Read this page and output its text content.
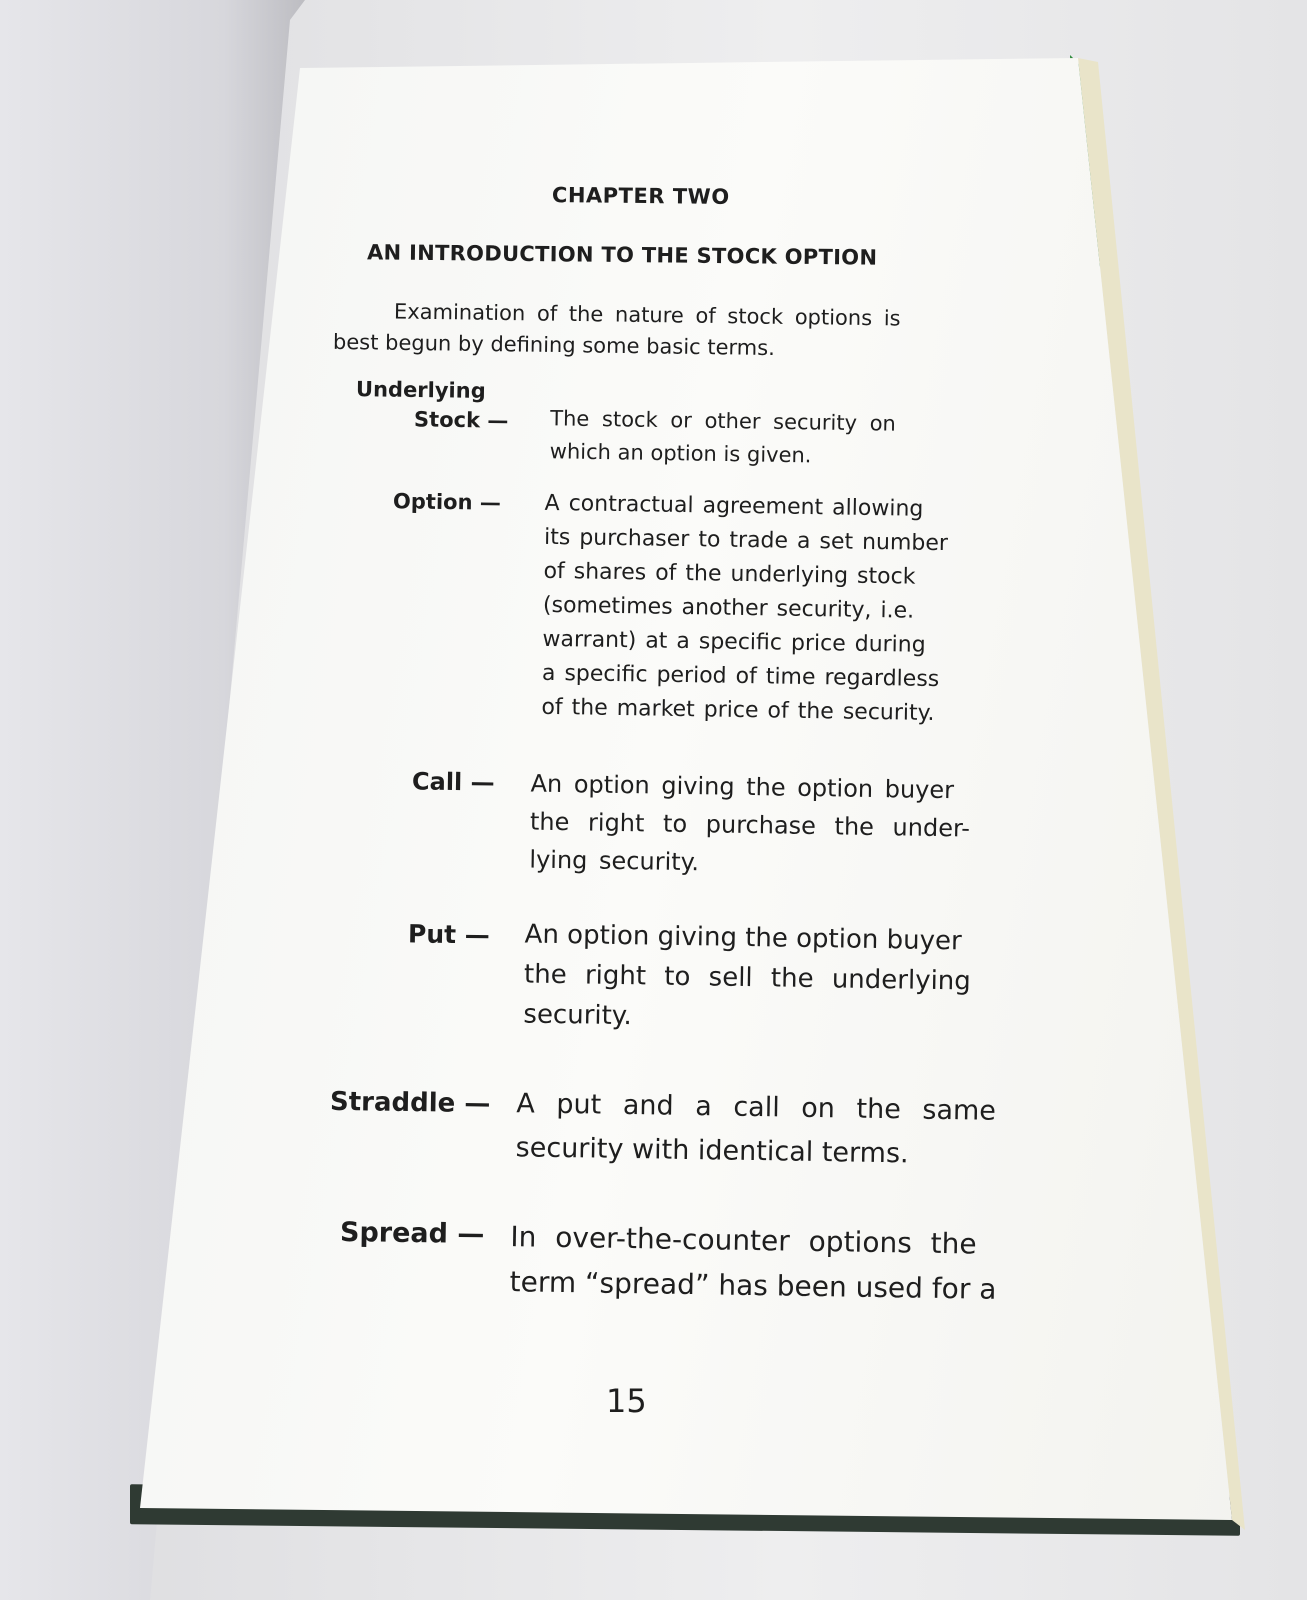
CHAPTER TWO
AN INTRODUCTION TO THE STOCK OPTION
Examination of the nature of stock options is
best begun by defining some basic terms.
Underlying
Stock — The stock or other security on
which an option is given.
Option — A contractual agreement allowing
its purchaser to trade a set number
of shares of the underlying stock
(sometimes another security, i.e.
warrant) at a specific price during
a specific period of time regardless
of the market price of the security.
Call — An option giving the option buyer
the right to purchase the under-
lying security.
Put — An option giving the option buyer
the right to sell the underlying
security.
Straddle — A put and a call on the same
security with identical terms.
Spread — In over-the-counter options the
term “spread” has been used for a
15
